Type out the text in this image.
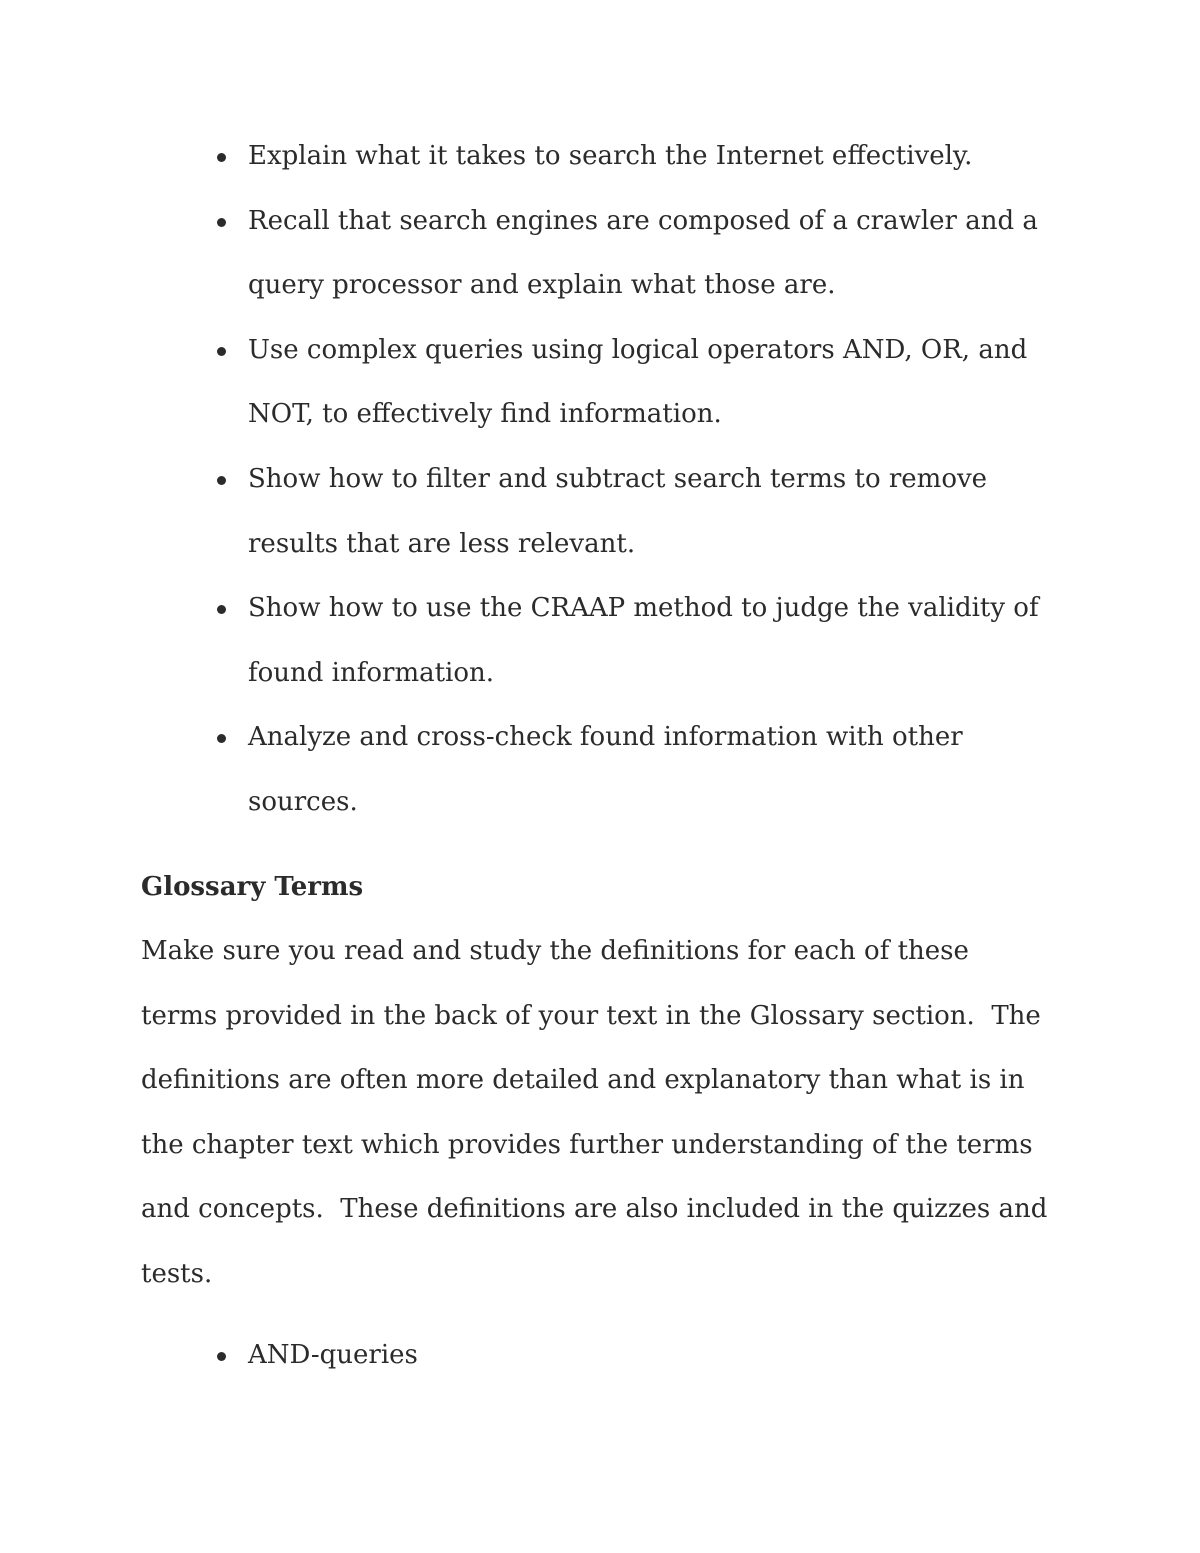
Explain what it takes to search the Internet effectively.
Recall that search engines are composed of a crawler and a query processor and explain what those are.
Use complex queries using logical operators AND, OR, and NOT, to effectively find information.
Show how to filter and subtract search terms to remove results that are less relevant.
Show how to use the CRAAP method to judge the validity of found information.
Analyze and cross-check found information with other sources.
Glossary Terms

Make sure you read and study the definitions for each of these terms provided in the back of your text in the Glossary section.  The definitions are often more detailed and explanatory than what is in the chapter text which provides further understanding of the terms and concepts.  These definitions are also included in the quizzes and tests.

AND-queries
